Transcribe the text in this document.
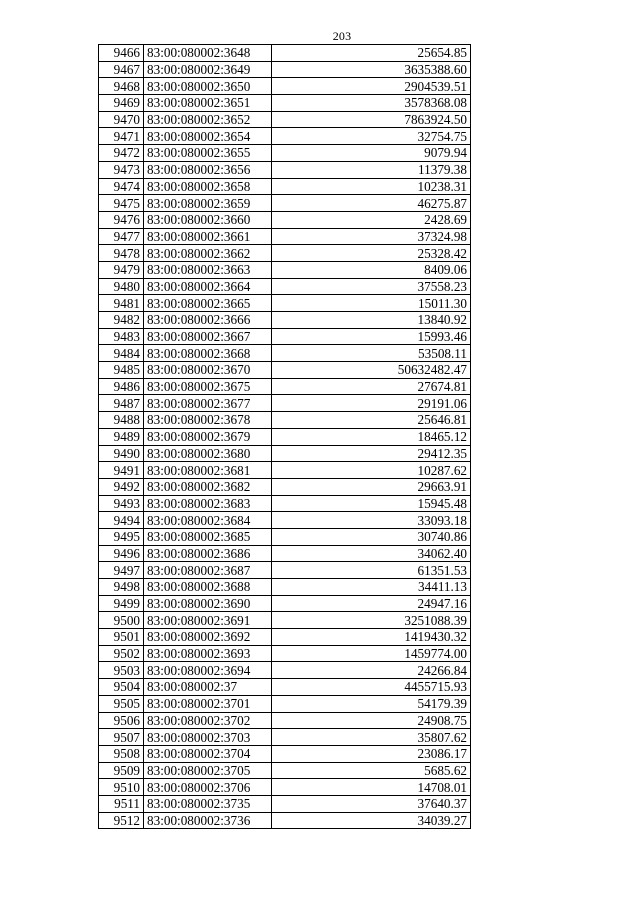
203
9466	83:00:080002:3648	25654.85
9467	83:00:080002:3649	3635388.60
9468	83:00:080002:3650	2904539.51
9469	83:00:080002:3651	3578368.08
9470	83:00:080002:3652	7863924.50
9471	83:00:080002:3654	32754.75
9472	83:00:080002:3655	9079.94
9473	83:00:080002:3656	11379.38
9474	83:00:080002:3658	10238.31
9475	83:00:080002:3659	46275.87
9476	83:00:080002:3660	2428.69
9477	83:00:080002:3661	37324.98
9478	83:00:080002:3662	25328.42
9479	83:00:080002:3663	8409.06
9480	83:00:080002:3664	37558.23
9481	83:00:080002:3665	15011.30
9482	83:00:080002:3666	13840.92
9483	83:00:080002:3667	15993.46
9484	83:00:080002:3668	53508.11
9485	83:00:080002:3670	50632482.47
9486	83:00:080002:3675	27674.81
9487	83:00:080002:3677	29191.06
9488	83:00:080002:3678	25646.81
9489	83:00:080002:3679	18465.12
9490	83:00:080002:3680	29412.35
9491	83:00:080002:3681	10287.62
9492	83:00:080002:3682	29663.91
9493	83:00:080002:3683	15945.48
9494	83:00:080002:3684	33093.18
9495	83:00:080002:3685	30740.86
9496	83:00:080002:3686	34062.40
9497	83:00:080002:3687	61351.53
9498	83:00:080002:3688	34411.13
9499	83:00:080002:3690	24947.16
9500	83:00:080002:3691	3251088.39
9501	83:00:080002:3692	1419430.32
9502	83:00:080002:3693	1459774.00
9503	83:00:080002:3694	24266.84
9504	83:00:080002:37	4455715.93
9505	83:00:080002:3701	54179.39
9506	83:00:080002:3702	24908.75
9507	83:00:080002:3703	35807.62
9508	83:00:080002:3704	23086.17
9509	83:00:080002:3705	5685.62
9510	83:00:080002:3706	14708.01
9511	83:00:080002:3735	37640.37
9512	83:00:080002:3736	34039.27
